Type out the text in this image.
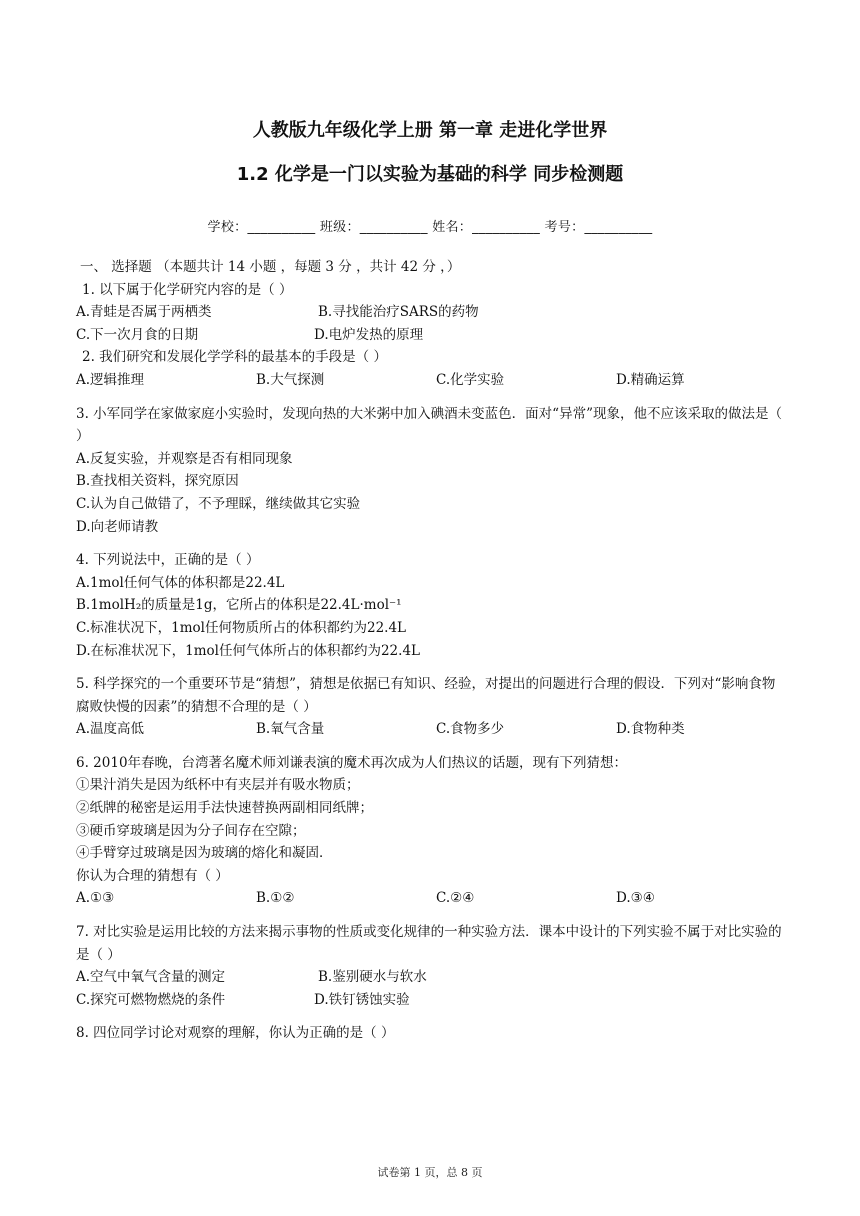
人教版九年级化学上册 第一章 走进化学世界
1.2 化学是一门以实验为基础的科学 同步检测题
学校：__________ 班级：__________ 姓名：__________ 考号：__________
一、 选择题 （本题共计 14 小题 ，每题 3 分 ，共计 42 分 ，）
1. 以下属于化学研究内容的是（ ）
A.青蛙是否属于两栖类	B.寻找能治疗SARS的药物
C.下一次月食的日期	D.电炉发热的原理
2. 我们研究和发展化学学科的最基本的手段是（ ）
A.逻辑推理	B.大气探测	C.化学实验	D.精确运算
3. 小军同学在家做家庭小实验时，发现向热的大米粥中加入碘酒未变蓝色．面对“异常”现象，他不应该采取的做法是（ ）
A.反复实验，并观察是否有相同现象
B.查找相关资料，探究原因
C.认为自己做错了，不予理睬，继续做其它实验
D.向老师请教
4. 下列说法中，正确的是（ ）
A.1mol任何气体的体积都是22.4L
B.1molH₂的质量是1g，它所占的体积是22.4L·mol⁻¹
C.标准状况下，1mol任何物质所占的体积都约为22.4L
D.在标准状况下，1mol任何气体所占的体积都约为22.4L
5. 科学探究的一个重要环节是“猜想”，猜想是依据已有知识、经验，对提出的问题进行合理的假设．下列对“影响食物腐败快慢的因素”的猜想不合理的是（ ）
A.温度高低	B.氧气含量	C.食物多少	D.食物种类
6. 2010年春晚，台湾著名魔术师刘谦表演的魔术再次成为人们热议的话题，现有下列猜想：
①果汁消失是因为纸杯中有夹层并有吸水物质；
②纸牌的秘密是运用手法快速替换两副相同纸牌；
③硬币穿玻璃是因为分子间存在空隙；
④手臂穿过玻璃是因为玻璃的熔化和凝固．
你认为合理的猜想有（ ）
A.①③	B.①②	C.②④	D.③④
7. 对比实验是运用比较的方法来揭示事物的性质或变化规律的一种实验方法．课本中设计的下列实验不属于对比实验的是（ ）
A.空气中氧气含量的测定	B.鉴别硬水与软水
C.探究可燃物燃烧的条件	D.铁钉锈蚀实验
8. 四位同学讨论对观察的理解，你认为正确的是（ ）
试卷第 1 页，总 8 页
